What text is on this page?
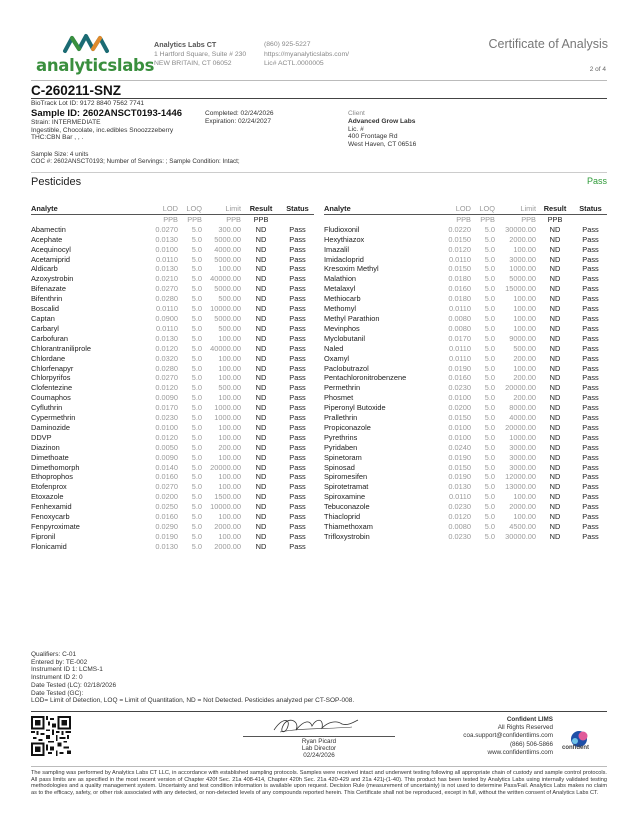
analyticslabs
Analytics Labs CT
1 Hartford Square, Suite # 230
NEW BRITAIN, CT 06052
(860) 925-5227
https://myanalyticslabs.com/
Lic# ACTL.0000005
Certificate of Analysis
2 of 4
C-260211-SNZ
BioTrack Lot ID: 9172 8840 7562 7741
Sample ID: 2602ANSCT0193-1446
Strain: INTERMEDIATE
Ingestible, Chocolate, inc.edibles Snoozzzeberry
THC:CBN Bar , , .
Completed: 02/24/2026
Expiration: 02/24/2027
Client
Advanced Grow Labs
Lic. #
400 Frontage Rd
West Haven, CT 06516
Sample Size: 4 units
COC #: 2602ANSCT0193; Number of Servings: ; Sample Condition: Intact;
Pesticides	Pass
Analyte	LOD	LOQ	Limit	Result	Status
	PPB	PPB	PPB	PPB	
Abamectin	0.0270	5.0	300.00	ND	Pass
Acephate	0.0130	5.0	5000.00	ND	Pass
Acequinocyl	0.0100	5.0	4000.00	ND	Pass
Acetamiprid	0.0110	5.0	5000.00	ND	Pass
Aldicarb	0.0130	5.0	100.00	ND	Pass
Azoxystrobin	0.0210	5.0	40000.00	ND	Pass
Bifenazate	0.0270	5.0	5000.00	ND	Pass
Bifenthrin	0.0280	5.0	500.00	ND	Pass
Boscalid	0.0110	5.0	10000.00	ND	Pass
Captan	0.0900	5.0	5000.00	ND	Pass
Carbaryl	0.0110	5.0	500.00	ND	Pass
Carbofuran	0.0130	5.0	100.00	ND	Pass
Chlorantraniliprole	0.0120	5.0	40000.00	ND	Pass
Chlordane	0.0320	5.0	100.00	ND	Pass
Chlorfenapyr	0.0280	5.0	100.00	ND	Pass
Chlorpyrifos	0.0270	5.0	100.00	ND	Pass
Clofentezine	0.0120	5.0	500.00	ND	Pass
Coumaphos	0.0090	5.0	100.00	ND	Pass
Cyfluthrin	0.0170	5.0	1000.00	ND	Pass
Cypermethrin	0.0230	5.0	1000.00	ND	Pass
Daminozide	0.0100	5.0	100.00	ND	Pass
DDVP	0.0120	5.0	100.00	ND	Pass
Diazinon	0.0050	5.0	200.00	ND	Pass
Dimethoate	0.0090	5.0	100.00	ND	Pass
Dimethomorph	0.0140	5.0	20000.00	ND	Pass
Ethoprophos	0.0160	5.0	100.00	ND	Pass
Etofenprox	0.0270	5.0	100.00	ND	Pass
Etoxazole	0.0200	5.0	1500.00	ND	Pass
Fenhexamid	0.0250	5.0	10000.00	ND	Pass
Fenoxycarb	0.0160	5.0	100.00	ND	Pass
Fenpyroximate	0.0290	5.0	2000.00	ND	Pass
Fipronil	0.0190	5.0	100.00	ND	Pass
Flonicamid	0.0130	5.0	2000.00	ND	Pass
Analyte	LOD	LOQ	Limit	Result	Status
	PPB	PPB	PPB	PPB	
Fludioxonil	0.0220	5.0	30000.00	ND	Pass
Hexythiazox	0.0150	5.0	2000.00	ND	Pass
Imazalil	0.0120	5.0	100.00	ND	Pass
Imidacloprid	0.0110	5.0	3000.00	ND	Pass
Kresoxim Methyl	0.0150	5.0	1000.00	ND	Pass
Malathion	0.0180	5.0	5000.00	ND	Pass
Metalaxyl	0.0160	5.0	15000.00	ND	Pass
Methiocarb	0.0180	5.0	100.00	ND	Pass
Methomyl	0.0110	5.0	100.00	ND	Pass
Methyl Parathion	0.0080	5.0	100.00	ND	Pass
Mevinphos	0.0080	5.0	100.00	ND	Pass
Myclobutanil	0.0170	5.0	9000.00	ND	Pass
Naled	0.0110	5.0	500.00	ND	Pass
Oxamyl	0.0110	5.0	200.00	ND	Pass
Paclobutrazol	0.0190	5.0	100.00	ND	Pass
Pentachloronitrobenzene	0.0160	5.0	200.00	ND	Pass
Permethrin	0.0230	5.0	20000.00	ND	Pass
Phosmet	0.0100	5.0	200.00	ND	Pass
Piperonyl Butoxide	0.0200	5.0	8000.00	ND	Pass
Prallethrin	0.0150	5.0	4000.00	ND	Pass
Propiconazole	0.0100	5.0	20000.00	ND	Pass
Pyrethrins	0.0100	5.0	1000.00	ND	Pass
Pyridaben	0.0240	5.0	3000.00	ND	Pass
Spinetoram	0.0190	5.0	3000.00	ND	Pass
Spinosad	0.0150	5.0	3000.00	ND	Pass
Spiromesifen	0.0190	5.0	12000.00	ND	Pass
Spirotetramat	0.0130	5.0	13000.00	ND	Pass
Spiroxamine	0.0110	5.0	100.00	ND	Pass
Tebuconazole	0.0230	5.0	2000.00	ND	Pass
Thiacloprid	0.0120	5.0	100.00	ND	Pass
Thiamethoxam	0.0080	5.0	4500.00	ND	Pass
Trifloxystrobin	0.0230	5.0	30000.00	ND	Pass
Qualifiers: C-01
Entered by: TE-002
Instrument ID 1: LCMS-1
Instrument ID 2: 0
Date Tested (LC): 02/18/2026
Date Tested (GC):
LOD= Limit of Detection, LOQ = Limit of Quantitation, ND = Not Detected. Pesticides analyzed per CT-SOP-008.
Ryan Picard
Lab Director
02/24/2026
Confident LIMS
All Rights Reserved
coa.support@confidentlims.com
(866) 506-5866
www.confidentlims.com
confident
The sampling was performed by Analytics Labs CT LLC, in accordance with established sampling protocols. Samples were received intact and underwent testing following all appropriate chain of custody and sample control protocols. All pass limits are as specified in the most recent version of Chapter 420f Sec. 21a 408-414, Chapter 420h Sec. 21a 420-429 and 21a 421j-(1-40). This product has been tested by Analytics Labs using internally validated testing methodologies and a quality management system. Uncertainty and test condition information is available upon request. Decision Rule (measurement of uncertainty) is not used to determine Pass/Fail. Analytics Labs makes no claim as to the efficacy, safety, or other risk associated with any detected, or non-detected levels of any compounds reported herein. This Certificate shall not be reproduced, except in full, without the written consent of Analytics Labs CT.
